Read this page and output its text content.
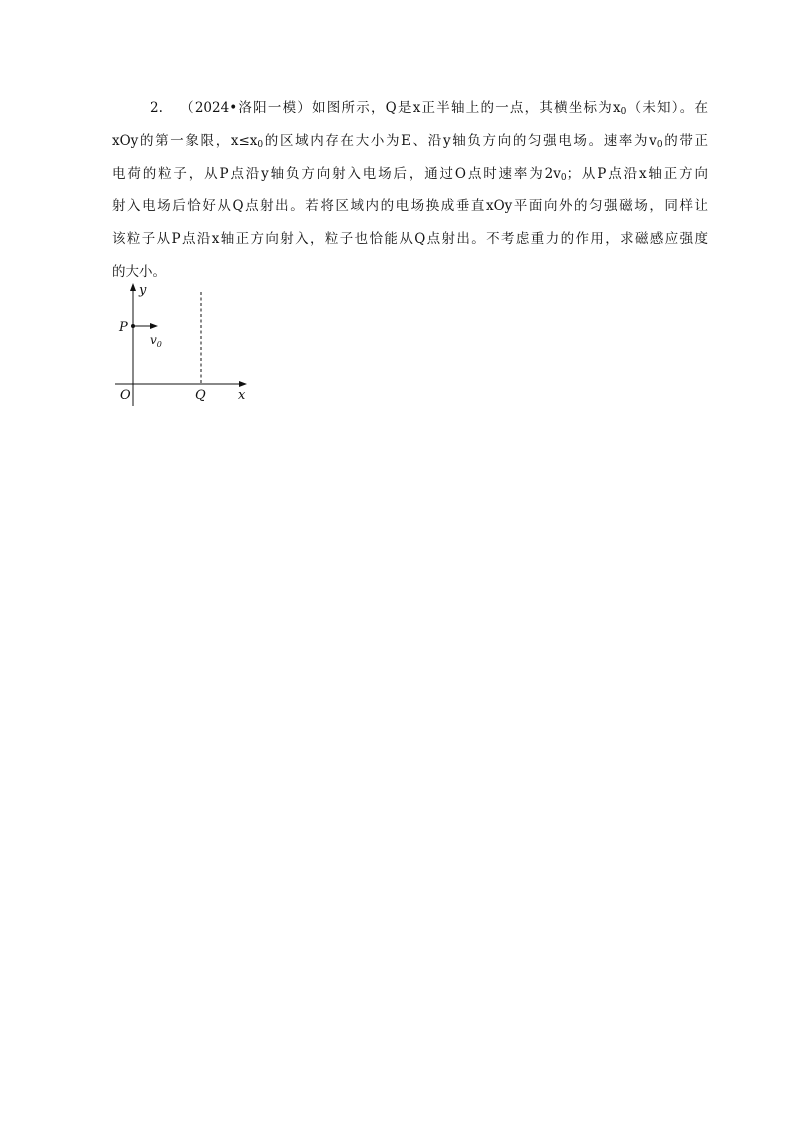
2. （2024•洛阳一模）如图所示，Q是x正半轴上的一点，其横坐标为$x_0$（未知）。在
xOy的第一象限，$x\le x_0$的区域内存在大小为E、沿y轴负方向的匀强电场。速率为$v_0$的带正
电荷的粒子，从P点沿y轴负方向射入电场后，通过O点时速率为$2v_0$；从P点沿x轴正方向
射入电场后恰好从Q点射出。若将区域内的电场换成垂直xOy平面向外的匀强磁场，同样让
该粒子从P点沿x轴正方向射入，粒子也恰能从Q点射出。不考虑重力的作用，求磁感应强度
的大小。

y
P
$v_0$
O	Q x
